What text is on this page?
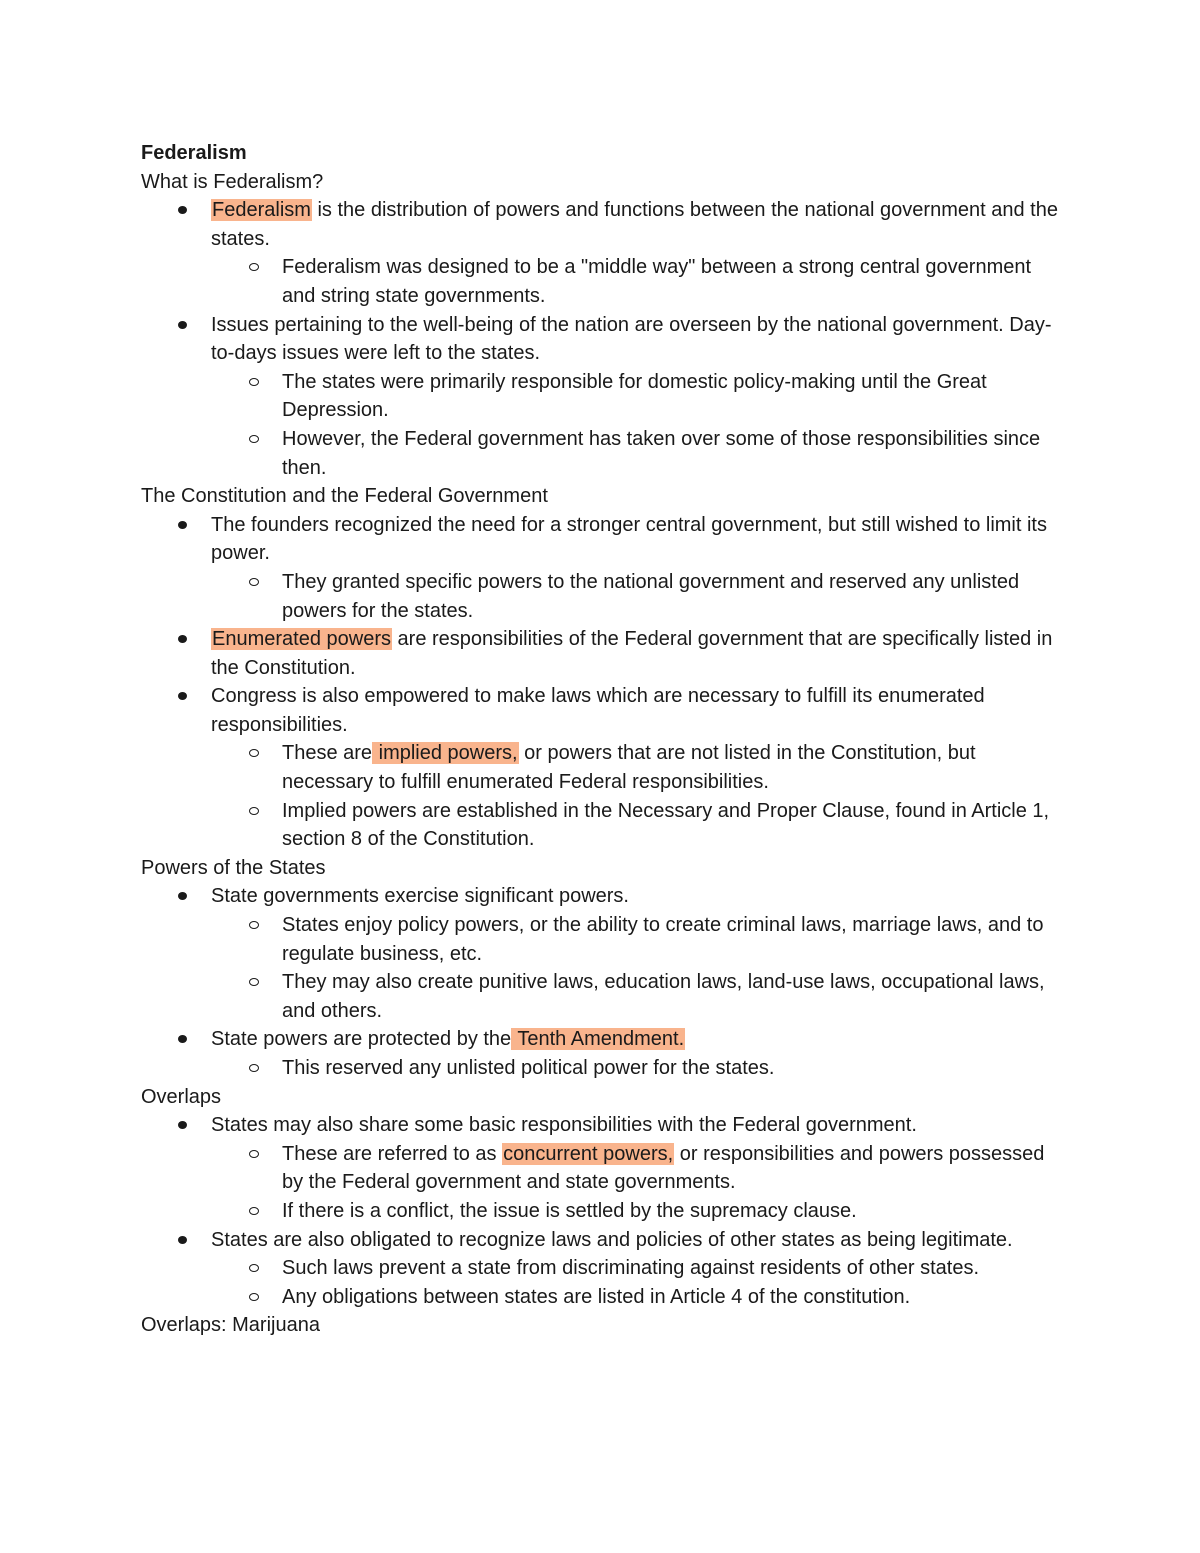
Federalism
What is Federalism?
Federalism is the distribution of powers and functions between the national government and the states.
Federalism was designed to be a "middle way" between a strong central government and string state governments.
Issues pertaining to the well-being of the nation are overseen by the national government. Day-to-days issues were left to the states.
The states were primarily responsible for domestic policy-making until the Great Depression.
However, the Federal government has taken over some of those responsibilities since then.
The Constitution and the Federal Government
The founders recognized the need for a stronger central government, but still wished to limit its power.
They granted specific powers to the national government and reserved any unlisted powers for the states.
Enumerated powers are responsibilities of the Federal government that are specifically listed in the Constitution.
Congress is also empowered to make laws which are necessary to fulfill its enumerated responsibilities.
These are implied powers, or powers that are not listed in the Constitution, but necessary to fulfill enumerated Federal responsibilities.
Implied powers are established in the Necessary and Proper Clause, found in Article 1, section 8 of the Constitution.
Powers of the States
State governments exercise significant powers.
States enjoy policy powers, or the ability to create criminal laws, marriage laws, and to regulate business, etc.
They may also create punitive laws, education laws, land-use laws, occupational laws, and others.
State powers are protected by the Tenth Amendment.
This reserved any unlisted political power for the states.
Overlaps
States may also share some basic responsibilities with the Federal government.
These are referred to as concurrent powers, or responsibilities and powers possessed by the Federal government and state governments.
If there is a conflict, the issue is settled by the supremacy clause.
States are also obligated to recognize laws and policies of other states as being legitimate.
Such laws prevent a state from discriminating against residents of other states.
Any obligations between states are listed in Article 4 of the constitution.
Overlaps: Marijuana
